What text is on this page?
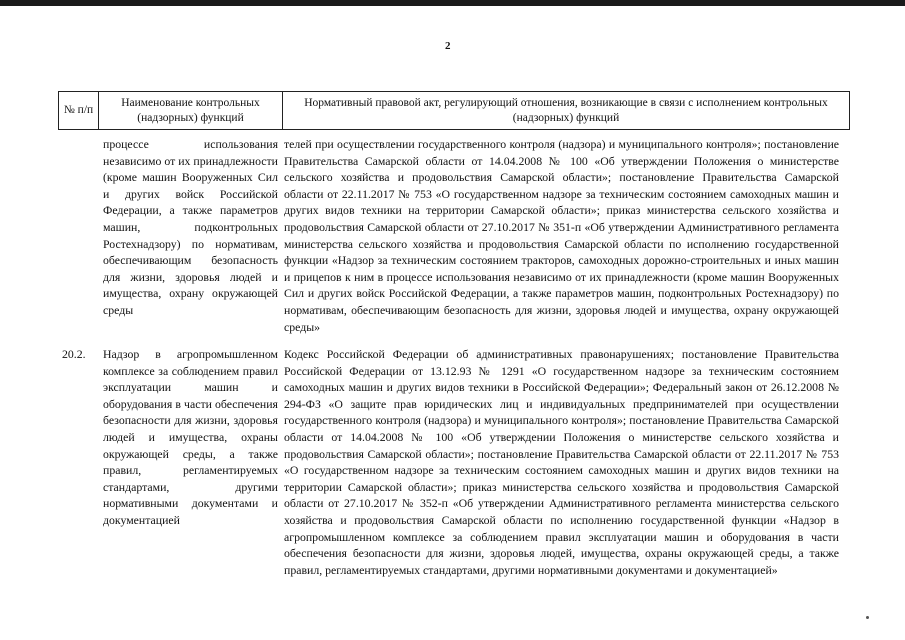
2
№ п/п
Наименование контрольных (надзорных) функций
Нормативный правовой акт, регулирующий отношения, возникающие в связи с исполнением контрольных (надзорных) функций
процессе использования независимо от их принадлежности (кроме машин Вооруженных Сил и других войск Российской Федерации, а также параметров машин, подконтрольных Ростехнадзору) по нормативам, обеспечивающим безопасность для жизни, здоровья людей и имущества, охрану окружающей среды
телей при осуществлении государственного контроля (надзора) и муниципального контроля»; постановление Правительства Самарской области от 14.04.2008 № 100 «Об утверждении Положения о министерстве сельского хозяйства и продовольствия Самарской области»; постановление Правительства Самарской области от 22.11.2017 № 753 «О государственном надзоре за техническим состоянием самоходных машин и других видов техники на территории Самарской области»; приказ министерства сельского хозяйства и продовольствия Самарской области от 27.10.2017 № 351-п «Об утверждении Административного регламента министерства сельского хозяйства и продовольствия Самарской области по исполнению государственной функции «Надзор за техническим состоянием тракторов, самоходных дорожно-строительных и иных машин и прицепов к ним в процессе использования независимо от их принадлежности (кроме машин Вооруженных Сил и других войск Российской Федерации, а также параметров машин, подконтрольных Ростехнадзору) по нормативам, обеспечивающим безопасность для жизни, здоровья людей и имущества, охрану окружающей среды»
20.2.	Надзор в агропромышленном комплексе за соблюдением правил эксплуатации машин и оборудования в части обеспечения безопасности для жизни, здоровья людей и имущества, охраны окружающей среды, а также правил, регламентируемых стандартами, другими нормативными документами и документацией
Кодекс Российской Федерации об административных правонарушениях; постановление Правительства Российской Федерации от 13.12.93 № 1291 «О государственном надзоре за техническим состоянием самоходных машин и других видов техники в Российской Федерации»; Федеральный закон от 26.12.2008 № 294-ФЗ «О защите прав юридических лиц и индивидуальных предпринимателей при осуществлении государственного контроля (надзора) и муниципального контроля»; постановление Правительства Самарской области от 14.04.2008 № 100 «Об утверждении Положения о министерстве сельского хозяйства и продовольствия Самарской области»; постановление Правительства Самарской области от 22.11.2017 № 753 «О государственном надзоре за техническим состоянием самоходных машин и других видов техники на территории Самарской области»; приказ министерства сельского хозяйства и продовольствия Самарской области от 27.10.2017 № 352-п «Об утверждении Административного регламента министерства сельского хозяйства и продовольствия Самарской области по исполнению государственной функции «Надзор в агропромышленном комплексе за соблюдением правил эксплуатации машин и оборудования в части обеспечения безопасности для жизни, здоровья людей, имущества, охраны окружающей среды, а также правил, регламентируемых стандартами, другими нормативными документами и документацией»
